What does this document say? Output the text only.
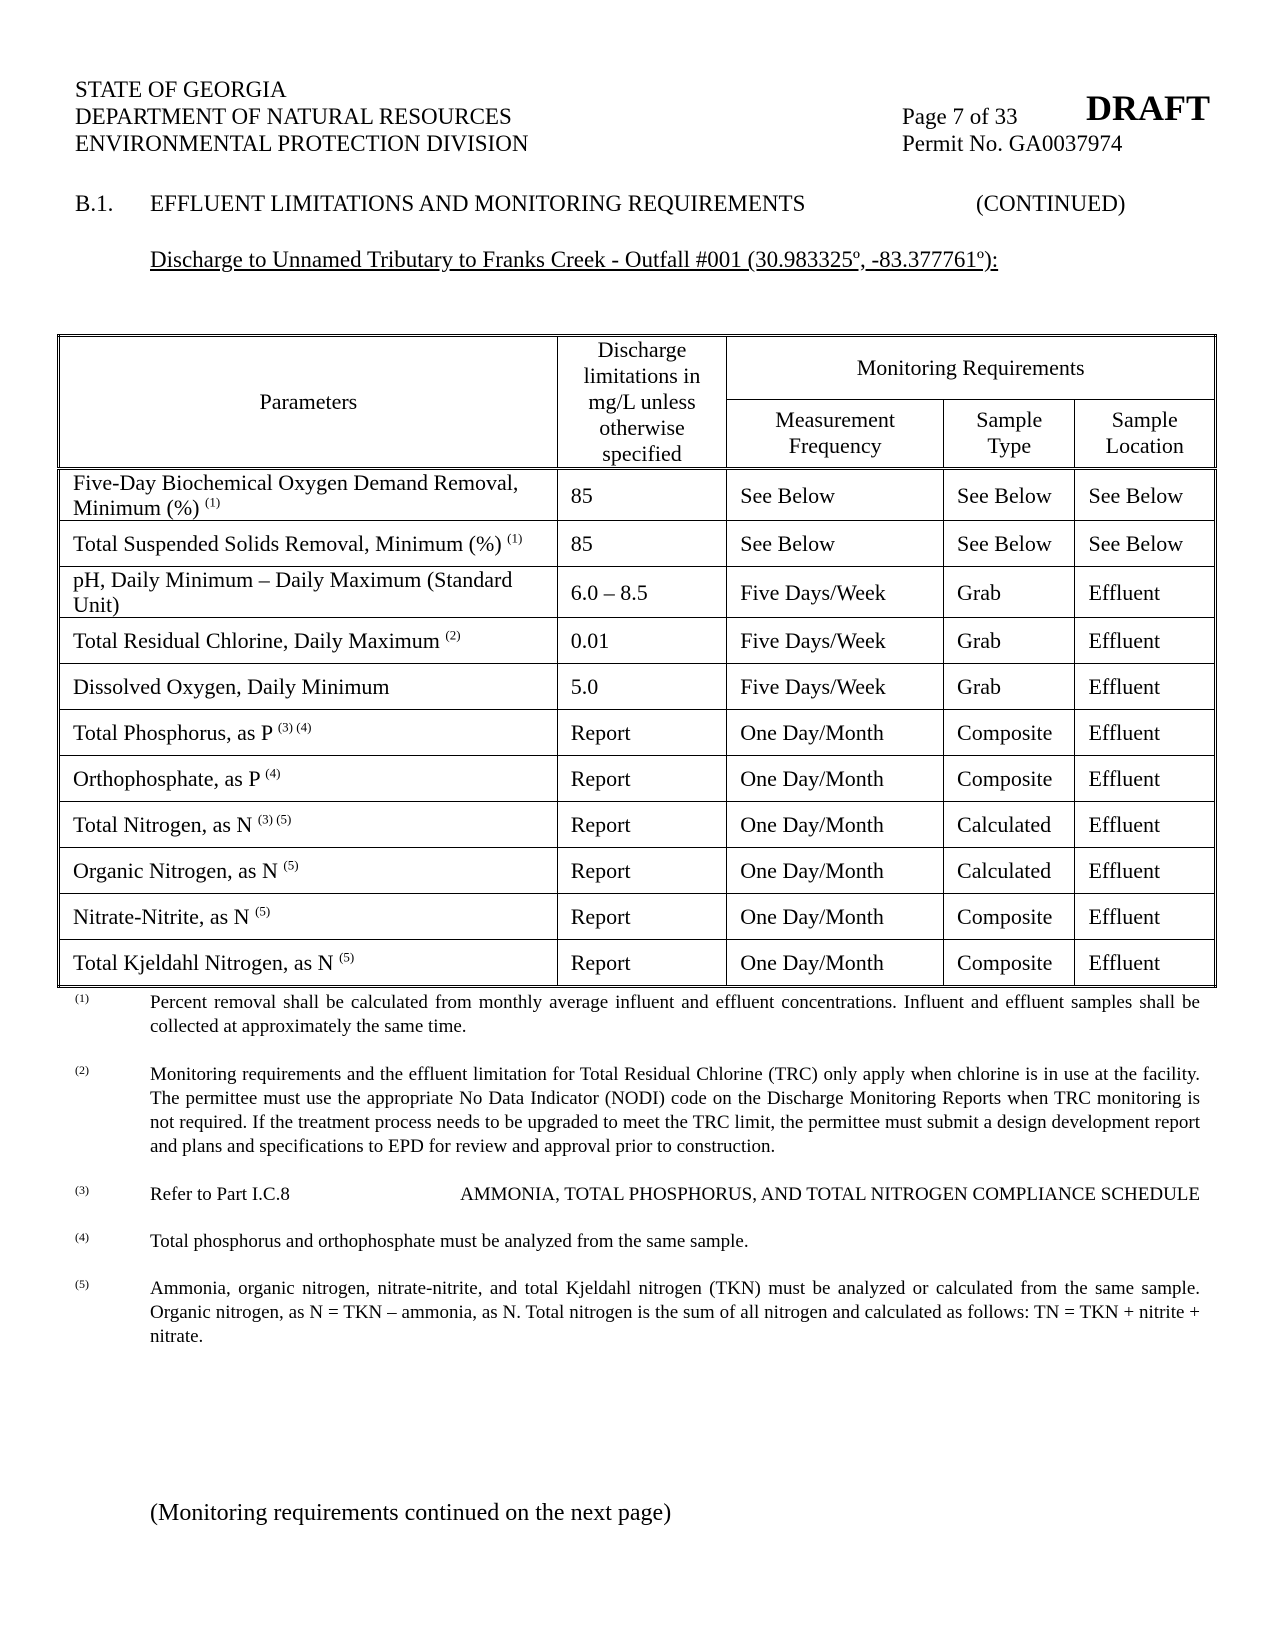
STATE OF GEORGIA
DEPARTMENT OF NATURAL RESOURCES
ENVIRONMENTAL PROTECTION DIVISION
Page 7 of 33
Permit No. GA0037974
DRAFT
B.1. EFFLUENT LIMITATIONS AND MONITORING REQUIREMENTS	(CONTINUED)
Discharge to Unnamed Tributary to Franks Creek - Outfall #001 (30.983325º, -83.377761º):
Parameters	Discharge limitations in mg/L unless otherwise specified	Monitoring Requirements		
		Measurement Frequency	Sample Type	Sample Location
Five-Day Biochemical Oxygen Demand Removal, Minimum (%) $^{(1)}$	85	See Below	See Below	See Below
Total Suspended Solids Removal, Minimum (%) $^{(1)}$	85	See Below	See Below	See Below
pH, Daily Minimum – Daily Maximum (Standard Unit)	6.0 – 8.5	Five Days/Week	Grab	Effluent
Total Residual Chlorine, Daily Maximum $^{(2)}$	0.01	Five Days/Week	Grab	Effluent
Dissolved Oxygen, Daily Minimum	5.0	Five Days/Week	Grab	Effluent
Total Phosphorus, as P $^{(3) (4)}$	Report	One Day/Month	Composite	Effluent
Orthophosphate, as P $^{(4)}$	Report	One Day/Month	Composite	Effluent
Total Nitrogen, as N $^{(3) (5)}$	Report	One Day/Month	Calculated	Effluent
Organic Nitrogen, as N $^{(5)}$	Report	One Day/Month	Calculated	Effluent
Nitrate-Nitrite, as N $^{(5)}$	Report	One Day/Month	Composite	Effluent
Total Kjeldahl Nitrogen, as N $^{(5)}$	Report	One Day/Month	Composite	Effluent
(1)	Percent removal shall be calculated from monthly average influent and effluent concentrations. Influent and effluent samples shall be collected at approximately the same time.
(2)	Monitoring requirements and the effluent limitation for Total Residual Chlorine (TRC) only apply when chlorine is in use at the facility. The permittee must use the appropriate No Data Indicator (NODI) code on the Discharge Monitoring Reports when TRC monitoring is not required. If the treatment process needs to be upgraded to meet the TRC limit, the permittee must submit a design development report and plans and specifications to EPD for review and approval prior to construction.
(3)	Refer to Part I.C.8	AMMONIA, TOTAL PHOSPHORUS, AND TOTAL NITROGEN COMPLIANCE SCHEDULE
(4)	Total phosphorus and orthophosphate must be analyzed from the same sample.
(5)	Ammonia, organic nitrogen, nitrate-nitrite, and total Kjeldahl nitrogen (TKN) must be analyzed or calculated from the same sample. Organic nitrogen, as N = TKN – ammonia, as N. Total nitrogen is the sum of all nitrogen and calculated as follows: TN = TKN + nitrite + nitrate.
(Monitoring requirements continued on the next page)
